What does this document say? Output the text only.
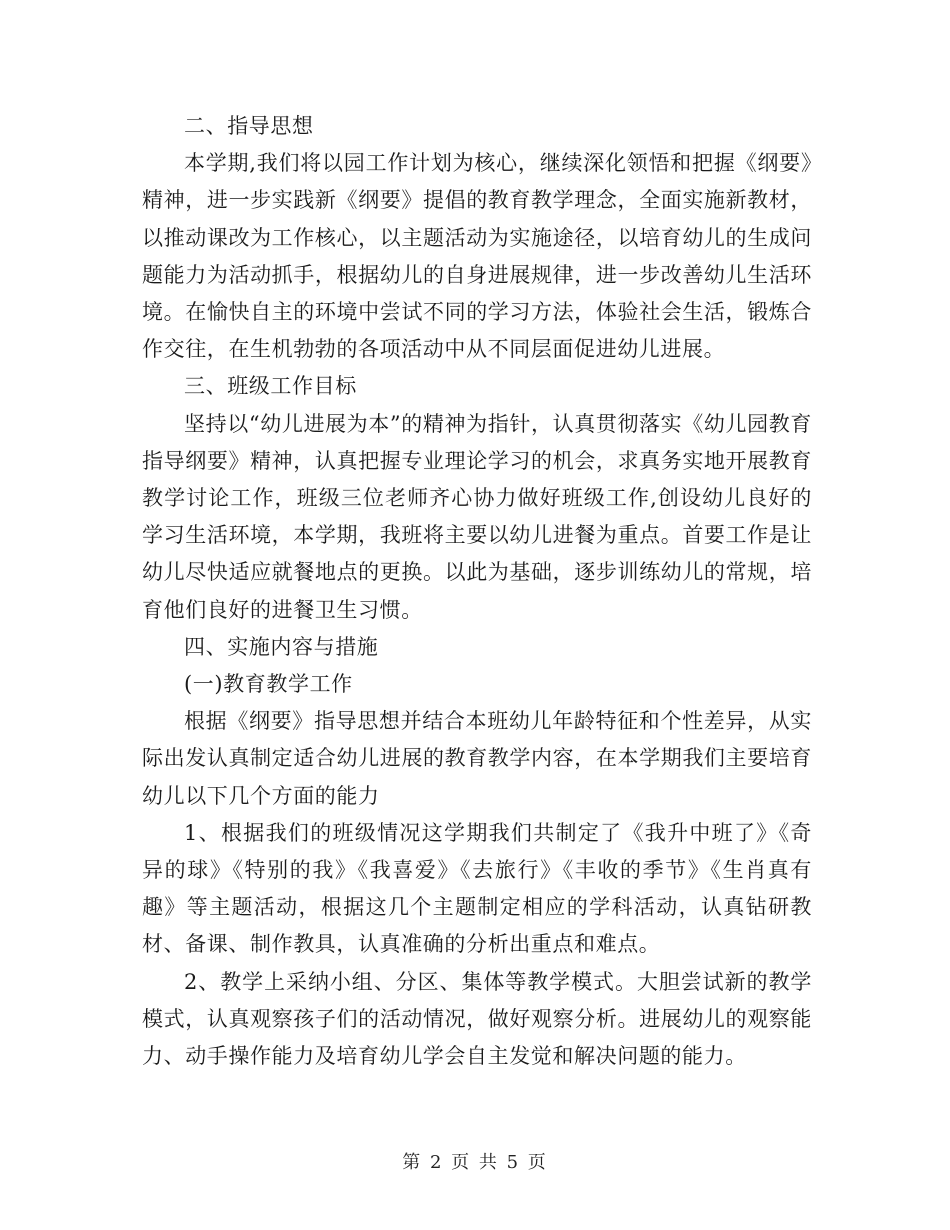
二、指导思想

本学期,我们将以园工作计划为核心，继续深化领悟和把握《纲要》精神，进一步实践新《纲要》提倡的教育教学理念，全面实施新教材，以推动课改为工作核心，以主题活动为实施途径，以培育幼儿的生成问题能力为活动抓手，根据幼儿的自身进展规律，进一步改善幼儿生活环境。在愉快自主的环境中尝试不同的学习方法，体验社会生活，锻炼合作交往，在生机勃勃的各项活动中从不同层面促进幼儿进展。

三、班级工作目标

坚持以“幼儿进展为本”的精神为指针，认真贯彻落实《幼儿园教育指导纲要》精神，认真把握专业理论学习的机会，求真务实地开展教育教学讨论工作，班级三位老师齐心协力做好班级工作,创设幼儿良好的学习生活环境，本学期，我班将主要以幼儿进餐为重点。首要工作是让幼儿尽快适应就餐地点的更换。以此为基础，逐步训练幼儿的常规，培育他们良好的进餐卫生习惯。

四、实施内容与措施

(一)教育教学工作

根据《纲要》指导思想并结合本班幼儿年龄特征和个性差异，从实际出发认真制定适合幼儿进展的教育教学内容，在本学期我们主要培育幼儿以下几个方面的能力

1、根据我们的班级情况这学期我们共制定了《我升中班了》《奇异的球》《特别的我》《我喜爱》《去旅行》《丰收的季节》《生肖真有趣》等主题活动，根据这几个主题制定相应的学科活动，认真钻研教材、备课、制作教具，认真准确的分析出重点和难点。

2、教学上采纳小组、分区、集体等教学模式。大胆尝试新的教学模式，认真观察孩子们的活动情况，做好观察分析。进展幼儿的观察能力、动手操作能力及培育幼儿学会自主发觉和解决问题的能力。

第 2 页 共 5 页
